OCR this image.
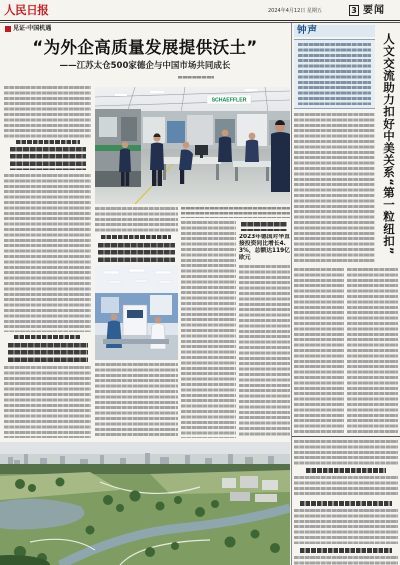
人民日报	2024年4月12日 星期五	3 要闻
见证·中国机遇
“为外企高质量发展提供沃土”
——江苏太仓500家德企与中国市场共同成长
SCHAEFFLER
2023年德国对华直接投资同比增长4.3%，总额达119亿欧元
钟声
人文交流助力扣好中美关系“第一粒纽扣”
